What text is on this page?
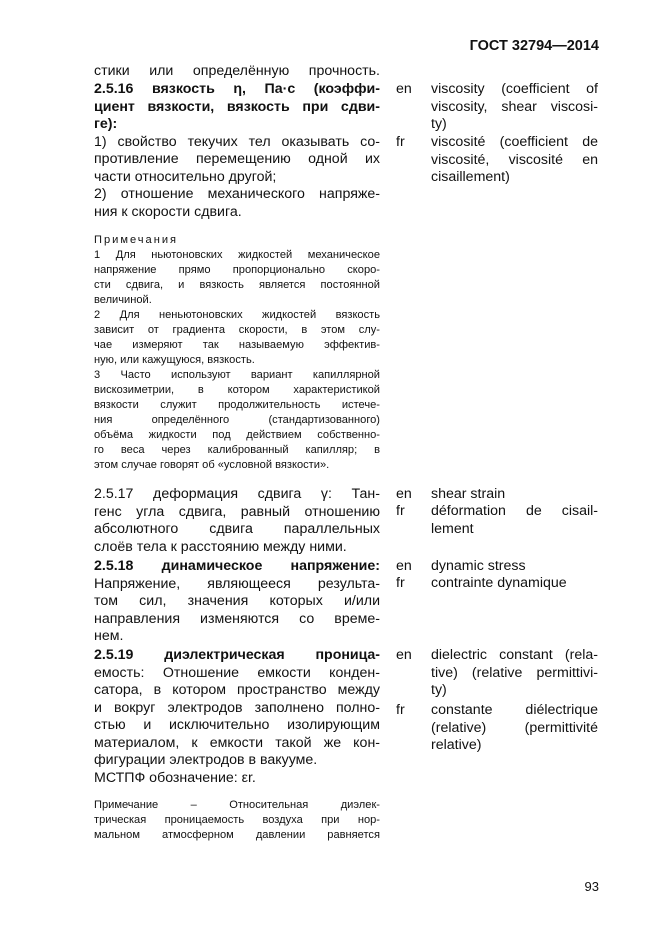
ГОСТ 32794—2014
стики или определённую прочность.
2.5.16 вязкость η, Па·с (коэффи-
циент вязкости, вязкость при сдви-
ге):
1) свойство текучих тел оказывать со-
противление перемещению одной их
части относительно другой;
2) отношение механического напряже-
ния к скорости сдвига.
Примечания
1 Для ньютоновских жидкостей механическое
напряжение прямо пропорционально скоро-
сти сдвига, и вязкость является постоянной
величиной.
2 Для неньютоновских жидкостей вязкость
зависит от градиента скорости, в этом слу-
чае измеряют так называемую эффектив-
ную, или кажущуюся, вязкость.
3 Часто используют вариант капиллярной
вискозиметрии, в котором характеристикой
вязкости служит продолжительность истече-
ния определённого (стандартизованного)
объёма жидкости под действием собственно-
го веса через калиброванный капилляр; в
этом случае говорят об «условной вязкости».
en	viscosity (coefficient of
viscosity, shear viscosi-
ty)
fr	viscosité (coefficient de
viscosité, viscosité en
cisaillement)
2.5.17 деформация сдвига γ: Тан-
генс угла сдвига, равный отношению
абсолютного сдвига параллельных
слоёв тела к расстоянию между ними.
en	shear strain
fr	déformation de cisail-
lement
2.5.18 динамическое напряжение:
Напряжение, являющееся результа-
том сил, значения которых и/или
направления изменяются со време-
нем.
en	dynamic stress
fr	contrainte dynamique
2.5.19 диэлектрическая проницa-
емость: Отношение емкости конден-
сатора, в котором пространство между
и вокруг электродов заполнено полно-
стью и исключительно изолирующим
материалом, к емкости такой же кон-
фигурации электродов в вакууме.
МСТПФ обозначение: εr.
Примечание – Относительная диэлек-
трическая проницаемость воздуха при нор-
мальном атмосферном давлении равняется
en	dielectric constant (rela-
tive) (relative permittivi-
ty)
fr	constante diélectrique
(relative) (permittivité
relative)
93
